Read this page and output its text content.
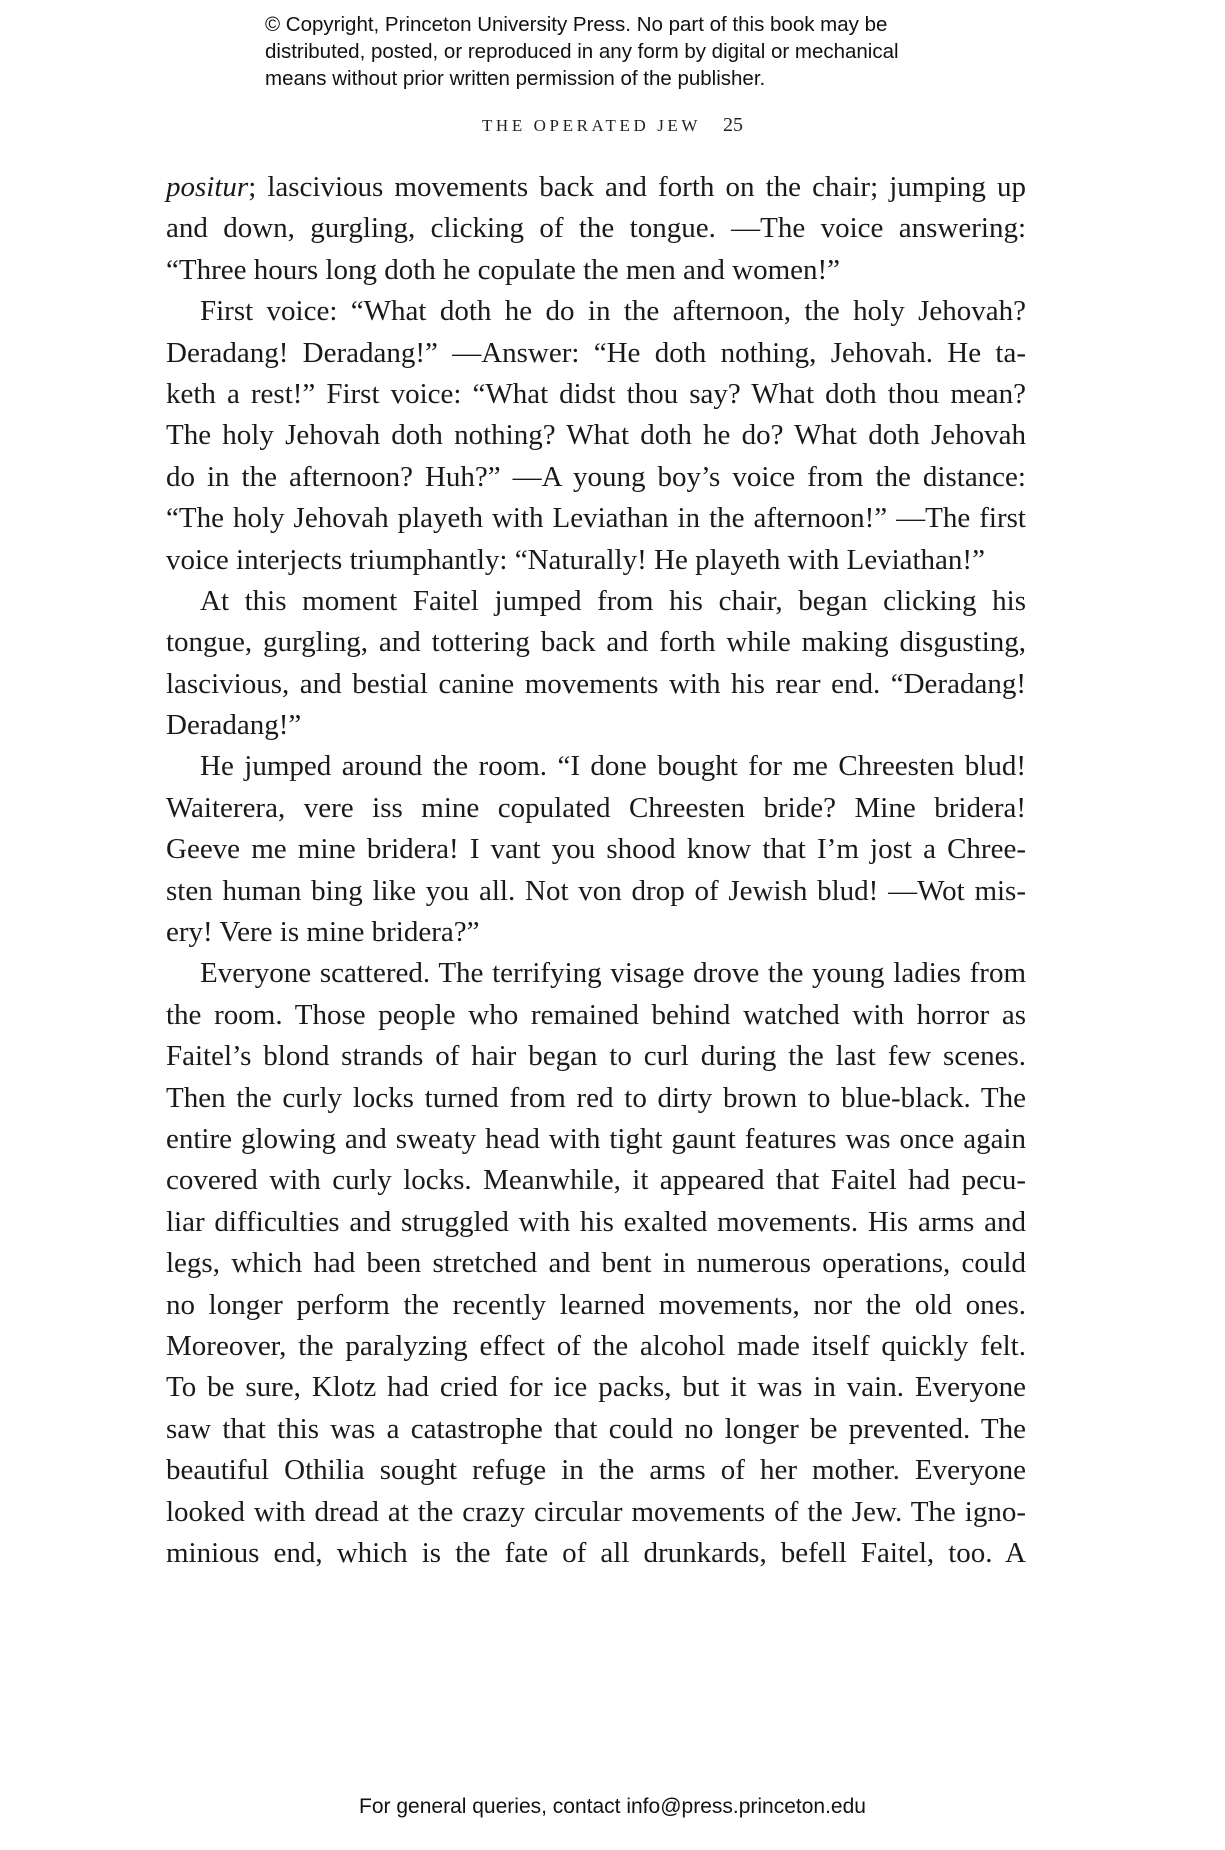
© Copyright, Princeton University Press. No part of this book may be
distributed, posted, or reproduced in any form by digital or mechanical
means without prior written permission of the publisher.
THE OPERATED JEW 25
positur; lascivious movements back and forth on the chair; jumping up
and down, gurgling, clicking of the tongue. —The voice answering:
“Three hours long doth he copulate the men and women!”
First voice: “What doth he do in the afternoon, the holy Jehovah?
Deradang! Deradang!” —Answer: “He doth nothing, Jehovah. He ta-
keth a rest!” First voice: “What didst thou say? What doth thou mean?
The holy Jehovah doth nothing? What doth he do? What doth Jehovah
do in the afternoon? Huh?” —A young boy’s voice from the distance:
“The holy Jehovah playeth with Leviathan in the afternoon!” —The first
voice interjects triumphantly: “Naturally! He playeth with Leviathan!”
At this moment Faitel jumped from his chair, began clicking his
tongue, gurgling, and tottering back and forth while making disgusting,
lascivious, and bestial canine movements with his rear end. “Deradang!
Deradang!”
He jumped around the room. “I done bought for me Chreesten blud!
Waiterera, vere iss mine copulated Chreesten bride? Mine bridera!
Geeve me mine bridera! I vant you shood know that I’m jost a Chree-
sten human bing like you all. Not von drop of Jewish blud! —Wot mis-
ery! Vere is mine bridera?”
Everyone scattered. The terrifying visage drove the young ladies from
the room. Those people who remained behind watched with horror as
Faitel’s blond strands of hair began to curl during the last few scenes.
Then the curly locks turned from red to dirty brown to blue-black. The
entire glowing and sweaty head with tight gaunt features was once again
covered with curly locks. Meanwhile, it appeared that Faitel had pecu-
liar difficulties and struggled with his exalted movements. His arms and
legs, which had been stretched and bent in numerous operations, could
no longer perform the recently learned movements, nor the old ones.
Moreover, the paralyzing effect of the alcohol made itself quickly felt.
To be sure, Klotz had cried for ice packs, but it was in vain. Everyone
saw that this was a catastrophe that could no longer be prevented. The
beautiful Othilia sought refuge in the arms of her mother. Everyone
looked with dread at the crazy circular movements of the Jew. The igno-
minious end, which is the fate of all drunkards, befell Faitel, too. A
For general queries, contact info@press.princeton.edu
